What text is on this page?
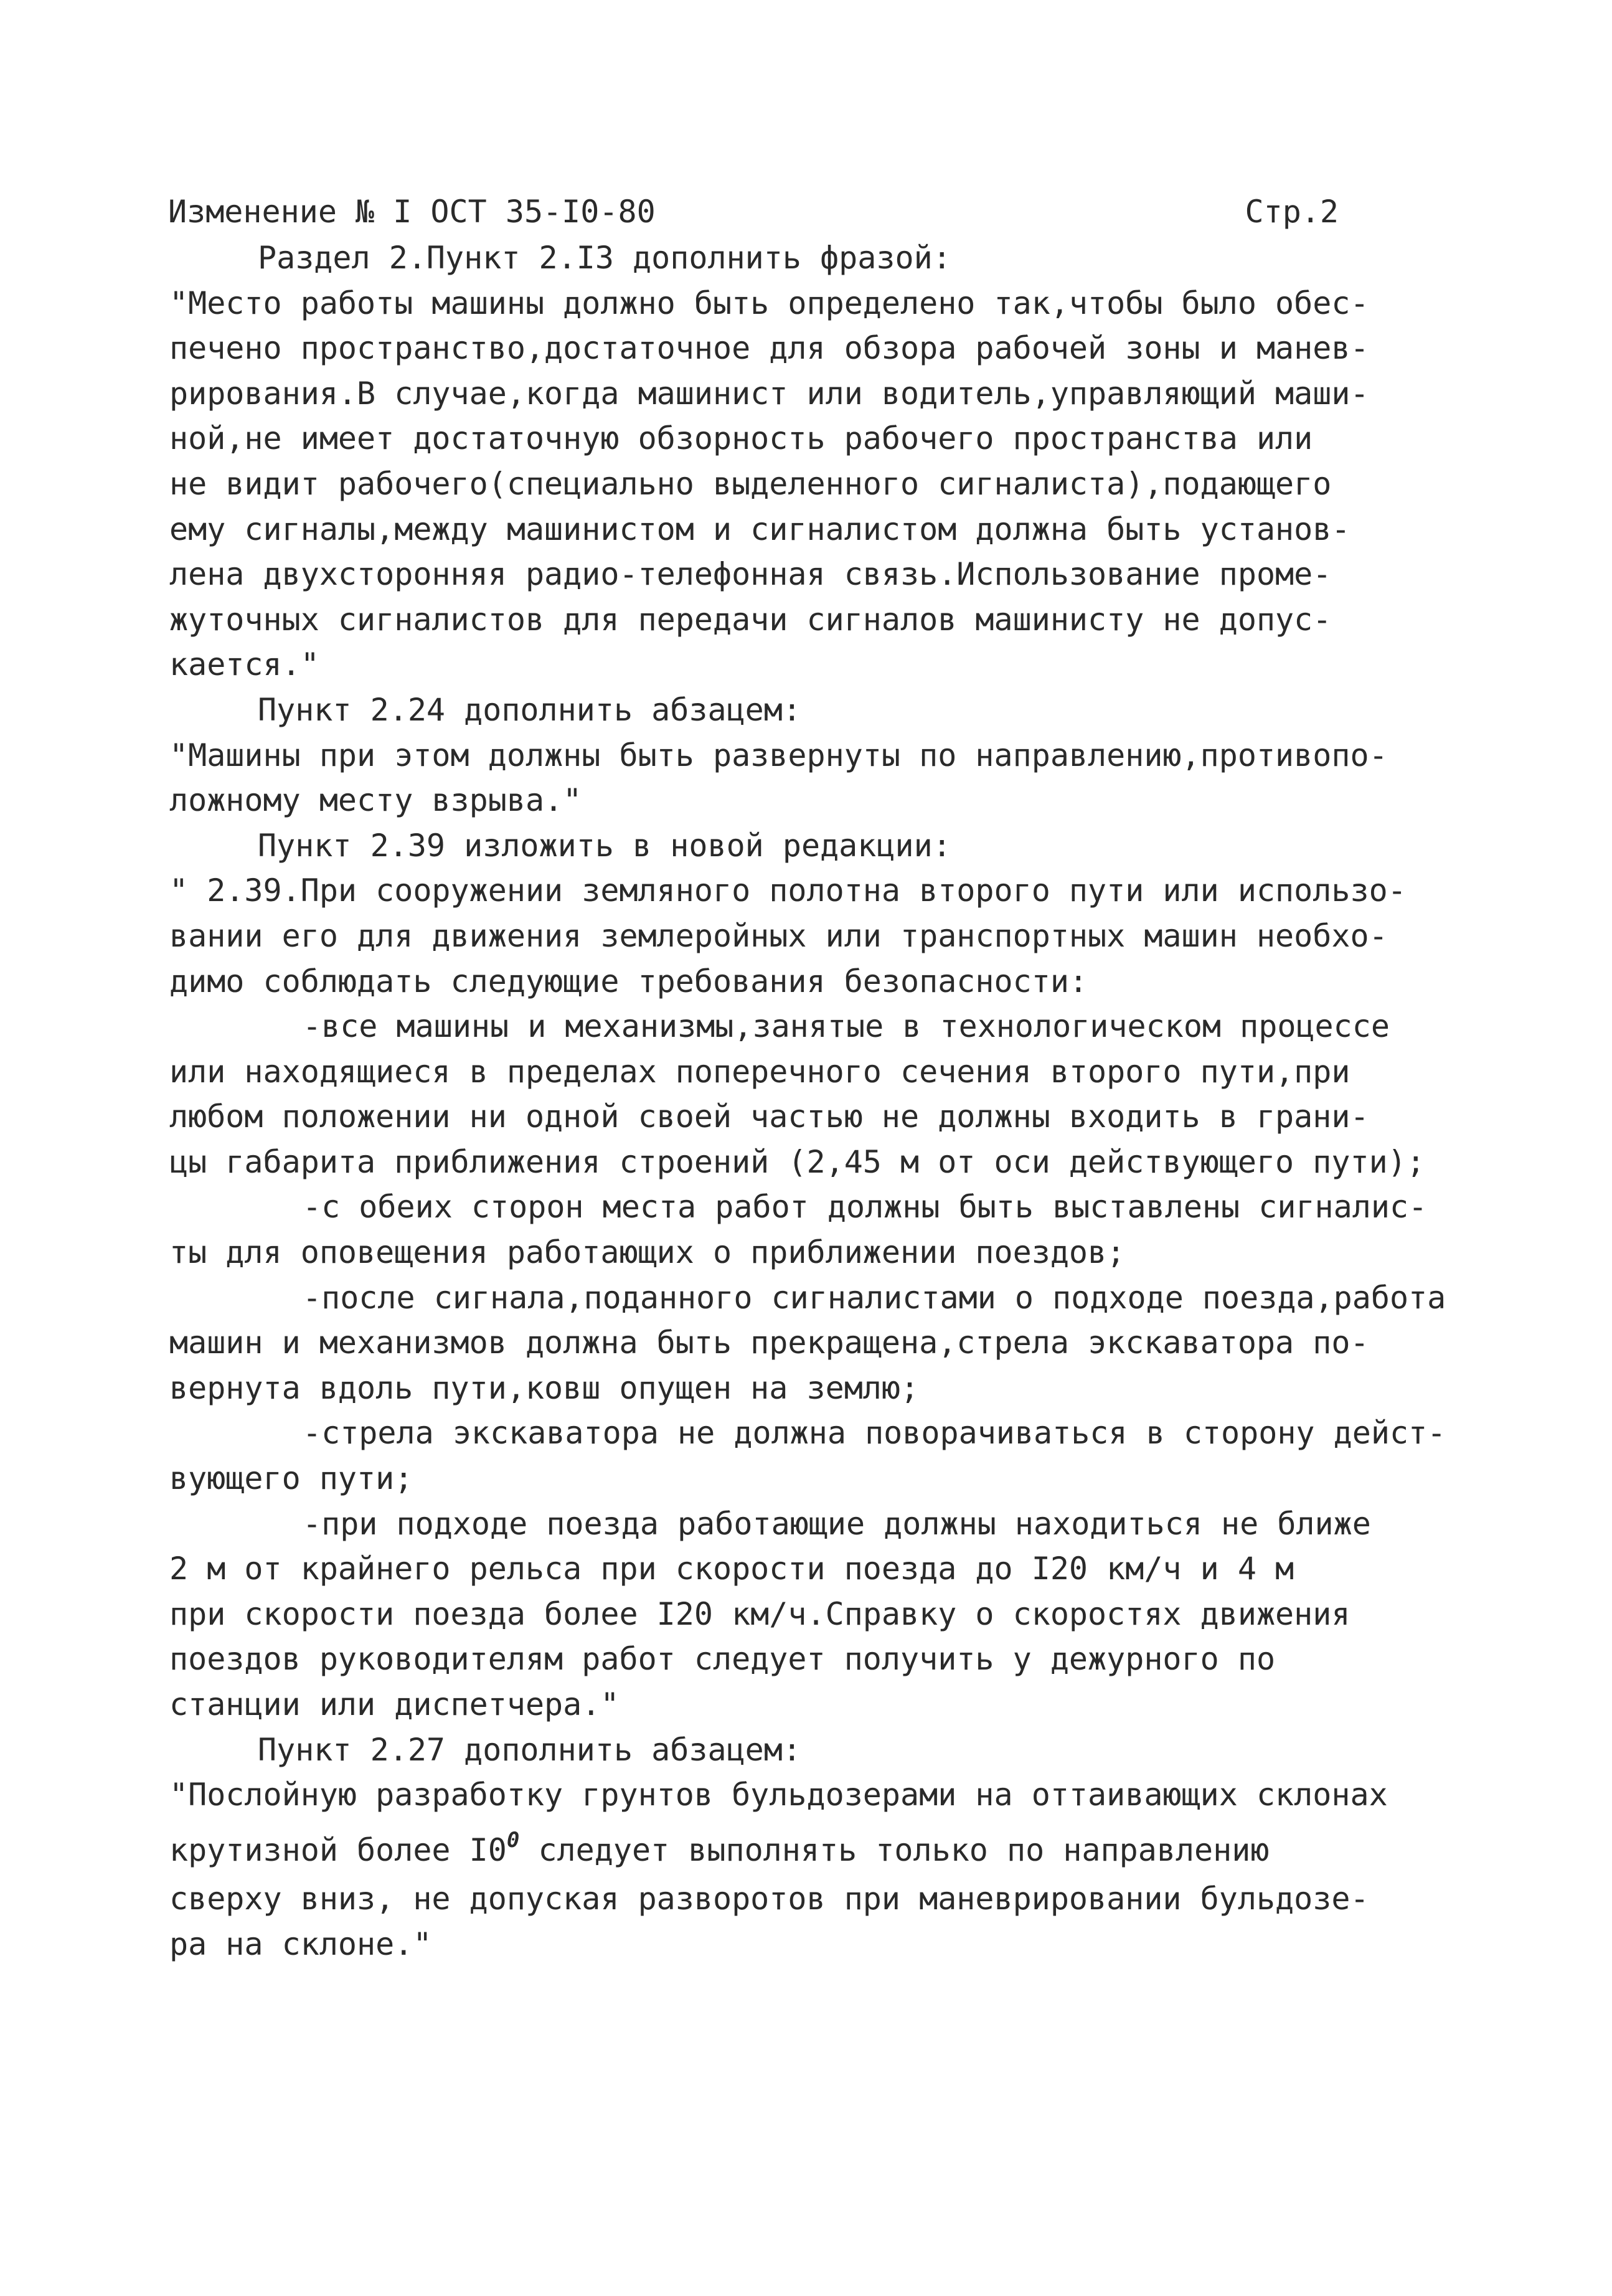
Изменение № I ОСТ 35-I0-80	Стр.2
Раздел 2.Пункт 2.I3 дополнить фразой:
"Место работы машины должно быть определено так,чтобы было обес-
печено пространство,достаточное для обзора рабочей зоны и манев-
рирования.В случае,когда машинист или водитель,управляющий маши-
ной,не имеет достаточную обзорность рабочего пространства или
не видит рабочего(специально выделенного сигналиста),подающего
ему сигналы,между машинистом и сигналистом должна быть установ-
лена двухсторонняя радио-телефонная связь.Использование проме-
жуточных сигналистов для передачи сигналов машинисту не допус-
кается."
Пункт 2.24 дополнить абзацем:
"Машины при этом должны быть развернуты по направлению,противопо-
ложному месту взрыва."
Пункт 2.39 изложить в новой редакции:
" 2.39.При сооружении земляного полотна второго пути или использо-
вании его для движения землеройных или транспортных машин необхо-
димо соблюдать следующие требования безопасности:
-все машины и механизмы,занятые в технологическом процессе
или находящиеся в пределах поперечного сечения второго пути,при
любом положении ни одной своей частью не должны входить в грани-
цы габарита приближения строений (2,45 м от оси действующего пути);
-с обеих сторон места работ должны быть выставлены сигналис-
ты для оповещения работающих о приближении поездов;
-после сигнала,поданного сигналистами о подходе поезда,работа
машин и механизмов должна быть прекращена,стрела экскаватора по-
вернута вдоль пути,ковш опущен на землю;
-стрела экскаватора не должна поворачиваться в сторону дейст-
вующего пути;
-при подходе поезда работающие должны находиться не ближе
2 м от крайнего рельса при скорости поезда до I20 км/ч и 4 м
при скорости поезда более I20 км/ч.Справку о скоростях движения
поездов руководителям работ следует получить у дежурного по
станции или диспетчера."
Пункт 2.27 дополнить абзацем:
"Послойную разработку грунтов бульдозерами на оттаивающих склонах
крутизной более $I0^0$ следует выполнять только по направлению
сверху вниз, не допуская разворотов при маневрировании бульдозе-
ра на склоне."
